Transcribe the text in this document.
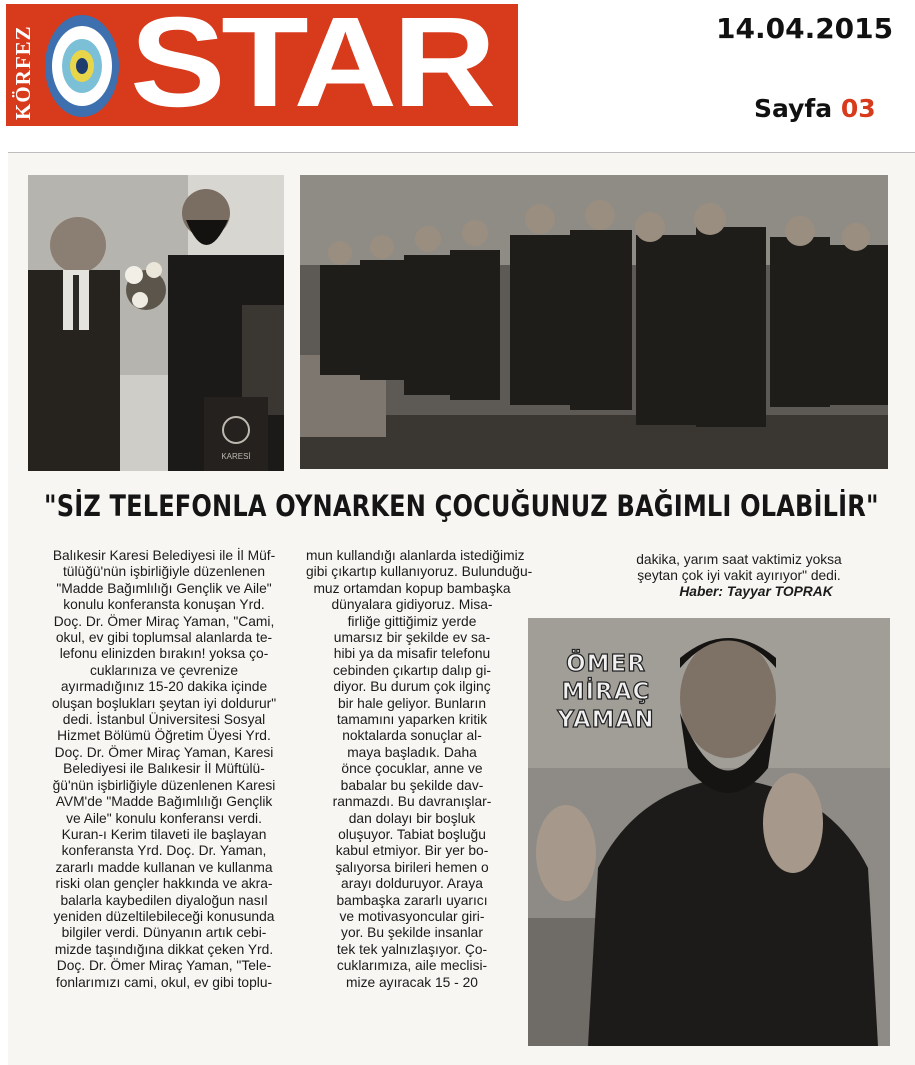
KÖRFEZ STAR	14.04.2015
Sayfa 03
KARESİ
"SİZ TELEFONLA OYNARKEN ÇOCUĞUNUZ BAĞIMLI OLABİLİR"
Balıkesir Karesi Belediyesi ile İl Müf-
tülüğü'nün işbirliğiyle düzenlenen
"Madde Bağımlılığı Gençlik ve Aile"
konulu konferansta konuşan Yrd.
Doç. Dr. Ömer Miraç Yaman, "Cami,
okul, ev gibi toplumsal alanlarda te-
lefonu elinizden bırakın! yoksa ço-
cuklarınıza ve çevrenize
ayırmadığınız 15-20 dakika içinde
oluşan boşlukları şeytan iyi doldurur"
dedi. İstanbul Üniversitesi Sosyal
Hizmet Bölümü Öğretim Üyesi Yrd.
Doç. Dr. Ömer Miraç Yaman, Karesi
Belediyesi ile Balıkesir İl Müftülü-
ğü'nün işbirliğiyle düzenlenen Karesi
AVM'de "Madde Bağımlılığı Gençlik
ve Aile" konulu konferansı verdi.
Kuran-ı Kerim tilaveti ile başlayan
konferansta Yrd. Doç. Dr. Yaman,
zararlı madde kullanan ve kullanma
riski olan gençler hakkında ve akra-
balarla kaybedilen diyaloğun nasıl
yeniden düzeltilebileceği konusunda
bilgiler verdi. Dünyanın artık cebi-
mizde taşındığına dikkat çeken Yrd.
Doç. Dr. Ömer Miraç Yaman, "Tele-
fonlarımızı cami, okul, ev gibi toplu-
mun kullandığı alanlarda istediğimiz
gibi çıkartıp kullanıyoruz. Bulunduğu-
muz ortamdan kopup bambaşka
dünyalara gidiyoruz. Misa-
firliğe gittiğimiz yerde
umarsız bir şekilde ev sa-
hibi ya da misafir telefonu
cebinden çıkartıp dalıp gi-
diyor. Bu durum çok ilginç
bir hale geliyor. Bunların
tamamını yaparken kritik
noktalarda sonuçlar al-
maya başladık. Daha
önce çocuklar, anne ve
babalar bu şekilde dav-
ranmazdı. Bu davranışlar-
dan dolayı bir boşluk
oluşuyor. Tabiat boşluğu
kabul etmiyor. Bir yer bo-
şalıyorsa birileri hemen o
arayı dolduruyor. Araya
bambaşka zararlı uyarıcı
ve motivasyoncular giri-
yor. Bu şekilde insanlar
tek tek yalnızlaşıyor. Ço-
cuklarımıza, aile meclisi-
mize ayıracak 15 - 20
dakika, yarım saat vaktimiz yoksa
şeytan çok iyi vakit ayırıyor" dedi.
Haber: Tayyar TOPRAK
ÖMER
MİRAÇ
YAMAN
